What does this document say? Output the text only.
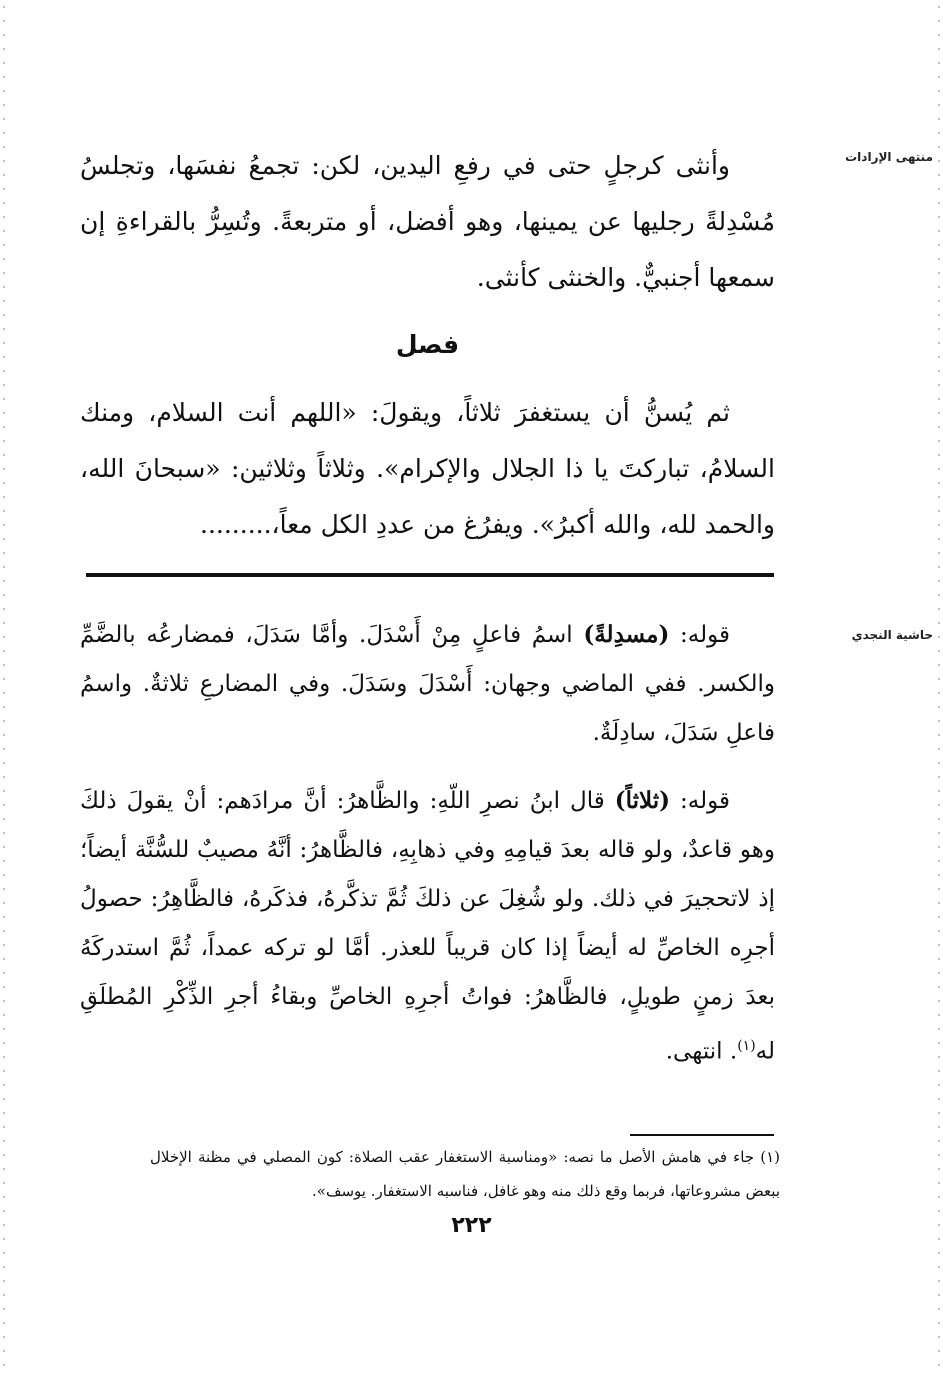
منتهى الإرادات
حاشية النجدي

وأنثى كرجلٍ حتى في رفعِ اليدين، لكن: تجمعُ نفسَها، وتجلسُ مُسْدِلةً رجليها عن يمينها، وهو أفضل، أو متربعةً. وتُسِرُّ بالقراءةِ إن سمعها أجنبيٌّ. والخنثى كأنثى.

فصل

ثم يُسنُّ أن يستغفرَ ثلاثاً، ويقولَ: «اللهم أنت السلام، ومنك السلامُ، تباركتَ يا ذا الجلال والإكرام». وثلاثاً وثلاثين: «سبحانَ الله، والحمد لله، والله أكبرُ». ويفرُغ من عددِ الكل معاً،.........

قوله: (مسدِلةً) اسمُ فاعلٍ مِنْ أَسْدَلَ. وأمَّا سَدَلَ، فمضارعُه بالضَّمِّ والكسر. ففي الماضي وجهان: أَسْدَلَ وسَدَلَ. وفي المضارعِ ثلاثةٌ. واسمُ فاعلِ سَدَلَ، سادِلَةٌ.

قوله: (ثلاثاً) قال ابنُ نصرِ اللّهِ: والظَّاهرُ: أنَّ مرادَهم: أنْ يقولَ ذلكَ وهو قاعدٌ، ولو قاله بعدَ قيامِهِ وفي ذهابِهِ، فالظَّاهرُ: أنَّهُ مصيبٌ للسُّنَّة أيضاً؛ إذ لاتحجيرَ في ذلك. ولو شُغِلَ عن ذلكَ ثُمَّ تذكَّرهُ، فذكَرهُ، فالظَّاهِرُ: حصولُ أجرِه الخاصِّ له أيضاً إذا كان قريباً للعذر. أمَّا لو تركه عمداً، ثُمَّ استدركَهُ بعدَ زمنٍ طويلٍ، فالظَّاهرُ: فواتُ أجرِهِ الخاصِّ وبقاءُ أجرِ الذِّكْرِ المُطلَقِ له$^{(١)}$. انتهى.

(١) جاء في هامش الأصل ما نصه: «ومناسبة الاستغفار عقب الصلاة: كون المصلي في مظنة الإخلال ببعض مشروعاتها، فربما وقع ذلك منه وهو غافل، فناسبه الاستغفار. يوسف».

٢٢٢
